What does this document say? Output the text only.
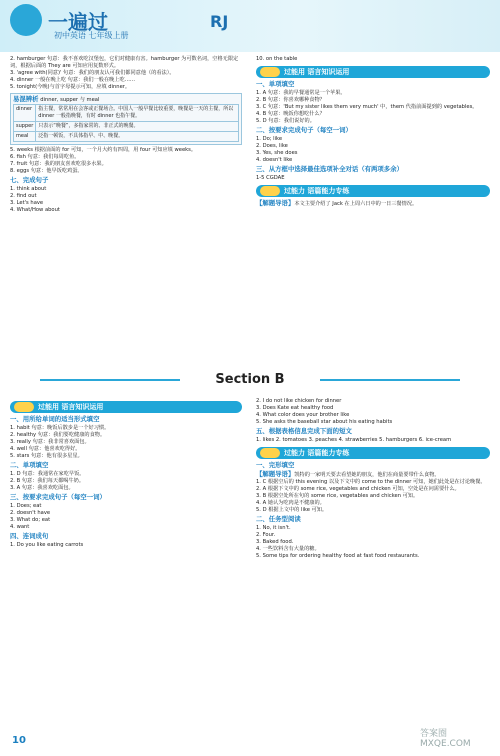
一遍过
初中英语 七年级上册
RJ

2. hamburger 句意：我不喜欢吃汉堡包，它们对健康有害。hamburger 为可数名词，空格无限定词，根据后面的 They are 可知应用复数形式。

3. 'agree with(同意)' 句意：我们的朋友认可我们都同意他（的看法）。

4. dinner 一般在晚上吃 句意：我们一般在晚上吃……

5. tonight(今晚)与首字母提示可知，应填 dinner。

易混辨析 dinner, supper 与 meal
dinner	指主餐，常常用在会客或正餐场合。中国人一般早餐比较重要，晚餐是一天的主餐，所以 dinner 一般指晚餐，有时 dinner 也指午餐。
supper	只表示“晚餐”，多指家常的、非正式的晚餐。
meal	泛指一顿饭，不具体指早、中、晚餐。

5. weeks 根据前面的 for 可知，一个月大约有四周，用 four 可知应填 weeks。

6. fish 句意：我们每周吃鱼。

7. fruit 句意：我的朋友喜欢吃很多水果。

8. eggs 句意：他早饭吃鸡蛋。

七、完成句子

1. think about

2. find out

3. Let's have

4. What/How about

10. on the table

过能用 语言知识运用
一、单项填空

1. A 句意：我的早餐通常是一个苹果。

2. B 句意：你喜欢哪种食物？

3. C 句意：'But my sister likes them very much' 中，them 代指前面提到的 vegetables。

4. B 句意：晚饭你想吃什么？

5. D 句意：我们说好的。

二、按要求完成句子（每空一词）

1. Do; like

2. Does, like

3. Yes, she does

4. doesn't like

三、从方框中选择最佳选项补全对话（有两项多余）

1-5 CGDAE

过能力 语篇能力专练

【解题导语】本文主要介绍了 Jack 在上周六日中的一日三餐情况。

Section B
过能用 语言知识运用
一、用所给单词的适当形式填空

1. habit 句意：晚饭后散步是一个好习惯。

2. healthy 句意：我们要吃健康的食物。

3. really 句意：我非常喜欢面包。

4. well 句意：他喜欢吃得好。

5. stars 句意：他有很多星星。

二、单项填空

1. D 句意：我通常在家吃早饭。

2. B 句意：我们每天都喝牛奶。

3. A 句意：我喜欢吃面包。

三、按要求完成句子（每空一词）

1. Does; eat

2. doesn't have

3. What do; eat

4. want

四、连词成句

1. Do you like eating carrots

2. I do not like chicken for dinner

3. Does Kate eat healthy food

4. What color does your brother like

5. She asks the baseball star about his eating habits

五、根据表格信息完成下面的短文

1. likes 2. tomatoes 3. peaches 4. strawberries 5. hamburgers 6. ice-cream

过能力 语篇能力专练
一、完形填空

【解题导语】凯特的一家明天要去看望她的朋友，他们在商量要带什么食物。

1. C 根据空后的 this evening 以及下文中的 come to the dinner 可知，她们此处是在讨论晚餐。

2. A 根据下文中的 some rice, vegetables and chicken 可知，空处是在问需要什么。

3. B 根据空处所在句的 some rice, vegetables and chicken 可知。

4. A 她认为吃肉是不健康的。

5. D 根据上文中的 like 可知。

二、任务型阅读

1. No, it isn't.

2. Four.

3. Baked food.

4. 一些饮料含有大量的糖。

5. Some tips for ordering healthy food at fast food restaurants.

10
答案圈 MXQE.COM
